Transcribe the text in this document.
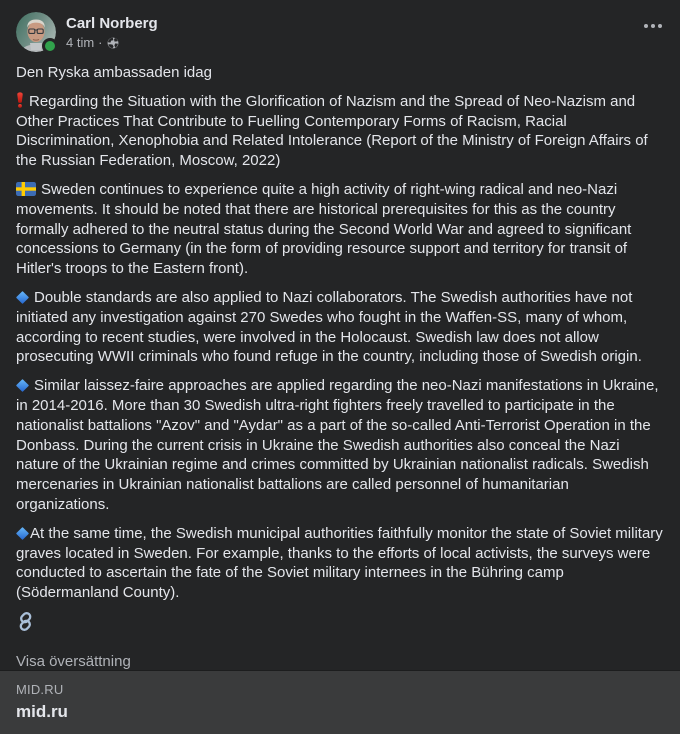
Carl Norberg
4 tim ·

Den Ryska ambassaden idag

Regarding the Situation with the Glorification of Nazism and the Spread of Neo-Nazism and Other Practices That Contribute to Fuelling Contemporary Forms of Racism, Racial Discrimination, Xenophobia and Related Intolerance (Report of the Ministry of Foreign Affairs of the Russian Federation, Moscow, 2022)

Sweden continues to experience quite a high activity of right-wing radical and neo-Nazi movements. It should be noted that there are historical prerequisites for this as the country formally adhered to the neutral status during the Second World War and agreed to significant concessions to Germany (in the form of providing resource support and territory for transit of Hitler's troops to the Eastern front).

Double standards are also applied to Nazi collaborators. The Swedish authorities have not initiated any investigation against 270 Swedes who fought in the Waffen-SS, many of whom, according to recent studies, were involved in the Holocaust. Swedish law does not allow prosecuting WWII criminals who found refuge in the country, including those of Swedish origin.

Similar laissez-faire approaches are applied regarding the neo-Nazi manifestations in Ukraine, in 2014-2016. More than 30 Swedish ultra-right fighters freely travelled to participate in the nationalist battalions "Azov" and "Aydar" as a part of the so-called Anti-Terrorist Operation in the Donbass. During the current crisis in Ukraine the Swedish authorities also conceal the Nazi nature of the Ukrainian regime and crimes committed by Ukrainian nationalist radicals. Swedish mercenaries in Ukrainian nationalist battalions are called personnel of humanitarian organizations.

At the same time, the Swedish municipal authorities faithfully monitor the state of Soviet military graves located in Sweden. For example, thanks to the efforts of local activists, the surveys were conducted to ascertain the fate of the Soviet military internees in the Bühring camp (Södermanland County).

Visa översättning
MID.RU
mid.ru
